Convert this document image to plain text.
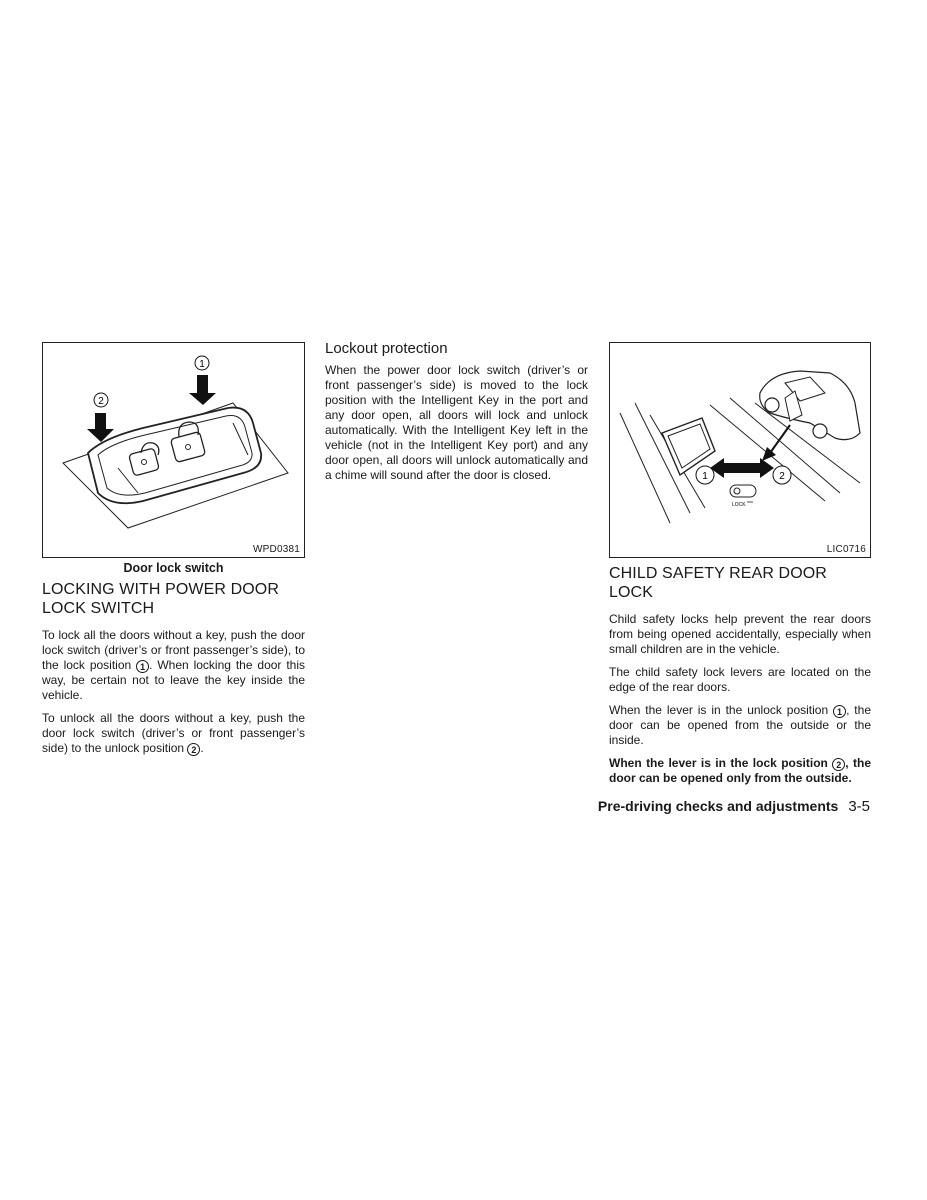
1
2
WPD0381
Door lock switch
LOCKING WITH POWER DOOR LOCK SWITCH

To lock all the doors without a key, push the door lock switch (driver’s or front passenger’s side), to the lock position 1 . When locking the door this way, be certain not to leave the key inside the vehicle.

To unlock all the doors without a key, push the door lock switch (driver’s or front passenger’s side) to the unlock position 2 .

Lockout protection

When the power door lock switch (driver’s or front passenger’s side) is moved to the lock position with the Intelligent Key in the port and any door open, all doors will lock and unlock automatically. With the Intelligent Key left in the vehicle (not in the Intelligent Key port) and any door open, all doors will unlock automatically and a chime will sound after the door is closed.	1	2
LOCK
LIC0716
CHILD SAFETY REAR DOOR LOCK

Child safety locks help prevent the rear doors from being opened accidentally, especially when small children are in the vehicle.

The child safety lock levers are located on the edge of the rear doors.

When the lever is in the unlock position 1 , the door can be opened from the outside or the inside.

When the lever is in the lock position 2 , the door can be opened only from the outside.

Pre-driving checks and adjustments 3-5
